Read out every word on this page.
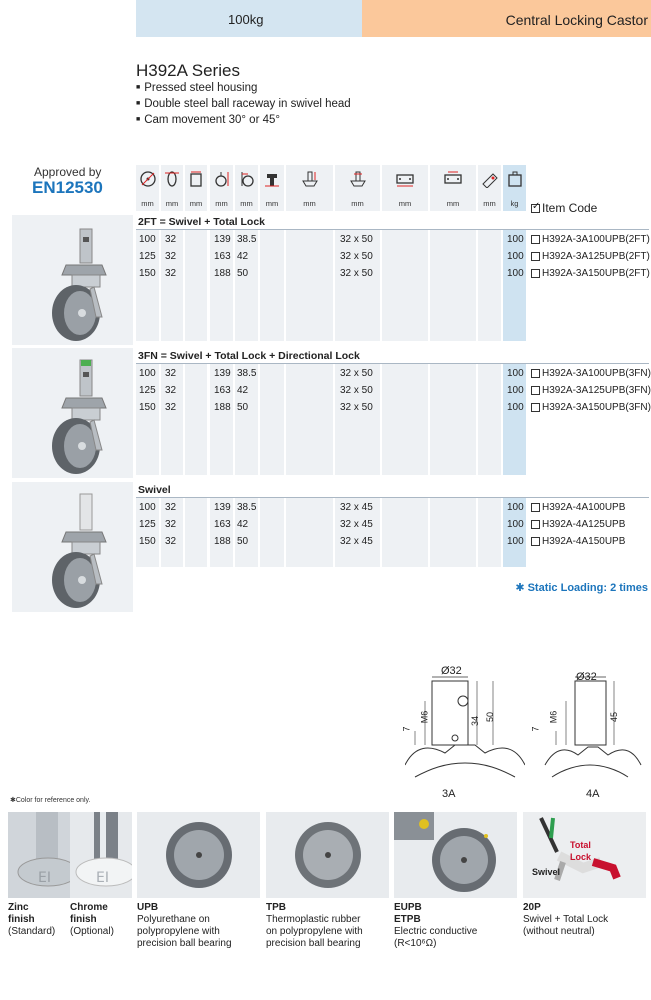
100kg	Central Locking Castor
H392A Series
■ Pressed steel housing
■ Double steel ball raceway in swivel head
■ Cam movement 30° or 45°
Approved by
EN12530
mm	mm	mm	mm	mm	mm	mm	mm	mm	mm	mm	kg
✓	Item Code
2FT = Swivel + Total Lock
3FN = Swivel + Total Lock + Directional Lock
Swivel
100 32	139 38.5	32 x 50	100	H392A-3A100UPB(2FT)
125 32	163 42	32 x 50	100	H392A-3A125UPB(2FT)
150 32	188 50	32 x 50	100	H392A-3A150UPB(2FT)
100 32	139 38.5	32 x 50	100	H392A-3A100UPB(3FN)
125 32	163 42	32 x 50	100	H392A-3A125UPB(3FN)
150 32	188 50	32 x 50	100	H392A-3A150UPB(3FN)
100 32	139 38.5	32 x 45	100	H392A-4A100UPB
125 32	163 42	32 x 45	100	H392A-4A125UPB
150 32	188 50	32 x 45	100	H392A-4A150UPB
✱ Static Loading: 2 times
Ø32
M6
7
34 50
3A
Ø32
M6
7
45
4A
✱Color for reference only.
EI	EI
Total Lock
Swivel
Zinc
finish
(Standard)
Chrome
finish
(Optional)
UPB
Polyurethane on
polypropylene with
precision ball bearing
TPB
Thermoplastic rubber
on polypropylene with
precision ball bearing
EUPB
ETPB
Electric conductive
(R<10⁶Ω)
20P
Swivel + Total Lock
(without neutral)
